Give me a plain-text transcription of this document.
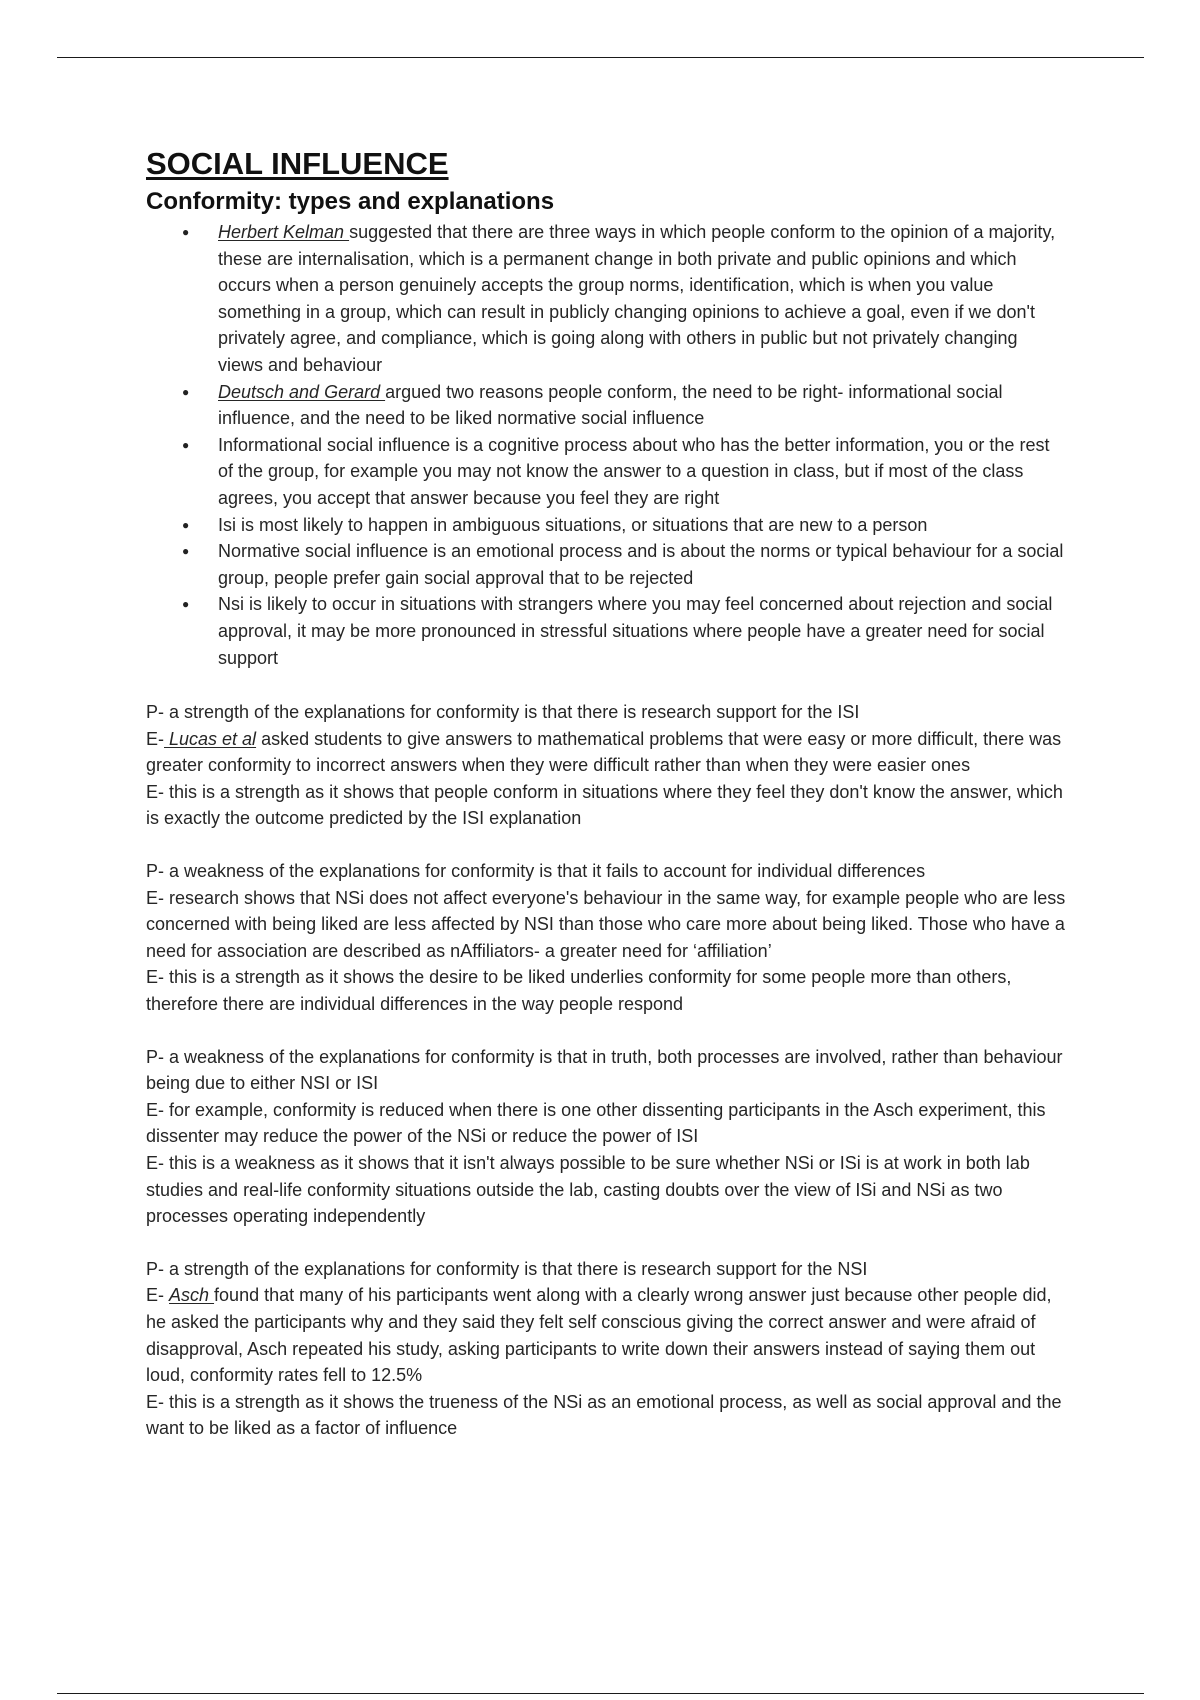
SOCIAL INFLUENCE
Conformity: types and explanations
● Herbert Kelman suggested that there are three ways in which people conform to the opinion of a majority, these are internalisation, which is a permanent change in both private and public opinions and which occurs when a person genuinely accepts the group norms, identification, which is when you value something in a group, which can result in publicly changing opinions to achieve a goal, even if we don't privately agree, and compliance, which is going along with others in public but not privately changing views and behaviour
● Deutsch and Gerard argued two reasons people conform, the need to be right- informational social influence, and the need to be liked normative social influence
● Informational social influence is a cognitive process about who has the better information, you or the rest of the group, for example you may not know the answer to a question in class, but if most of the class agrees, you accept that answer because you feel they are right
● Isi is most likely to happen in ambiguous situations, or situations that are new to a person
● Normative social influence is an emotional process and is about the norms or typical behaviour for a social group, people prefer gain social approval that to be rejected
● Nsi is likely to occur in situations with strangers where you may feel concerned about rejection and social approval, it may be more pronounced in stressful situations where people have a greater need for social support
P- a strength of the explanations for conformity is that there is research support for the ISI
E- Lucas et al asked students to give answers to mathematical problems that were easy or more difficult, there was greater conformity to incorrect answers when they were difficult rather than when they were easier ones
E- this is a strength as it shows that people conform in situations where they feel they don't know the answer, which is exactly the outcome predicted by the ISI explanation
P- a weakness of the explanations for conformity is that it fails to account for individual differences
E- research shows that NSi does not affect everyone's behaviour in the same way, for example people who are less concerned with being liked are less affected by NSI than those who care more about being liked. Those who have a need for association are described as nAffiliators- a greater need for ‘affiliation’
E- this is a strength as it shows the desire to be liked underlies conformity for some people more than others, therefore there are individual differences in the way people respond
P- a weakness of the explanations for conformity is that in truth, both processes are involved, rather than behaviour being due to either NSI or ISI
E- for example, conformity is reduced when there is one other dissenting participants in the Asch experiment, this dissenter may reduce the power of the NSi or reduce the power of ISI
E- this is a weakness as it shows that it isn't always possible to be sure whether NSi or ISi is at work in both lab studies and real-life conformity situations outside the lab, casting doubts over the view of ISi and NSi as two processes operating independently
P- a strength of the explanations for conformity is that there is research support for the NSI
E- Asch found that many of his participants went along with a clearly wrong answer just because other people did, he asked the participants why and they said they felt self conscious giving the correct answer and were afraid of disapproval, Asch repeated his study, asking participants to write down their answers instead of saying them out loud, conformity rates fell to 12.5%
E- this is a strength as it shows the trueness of the NSi as an emotional process, as well as social approval and the want to be liked as a factor of influence
